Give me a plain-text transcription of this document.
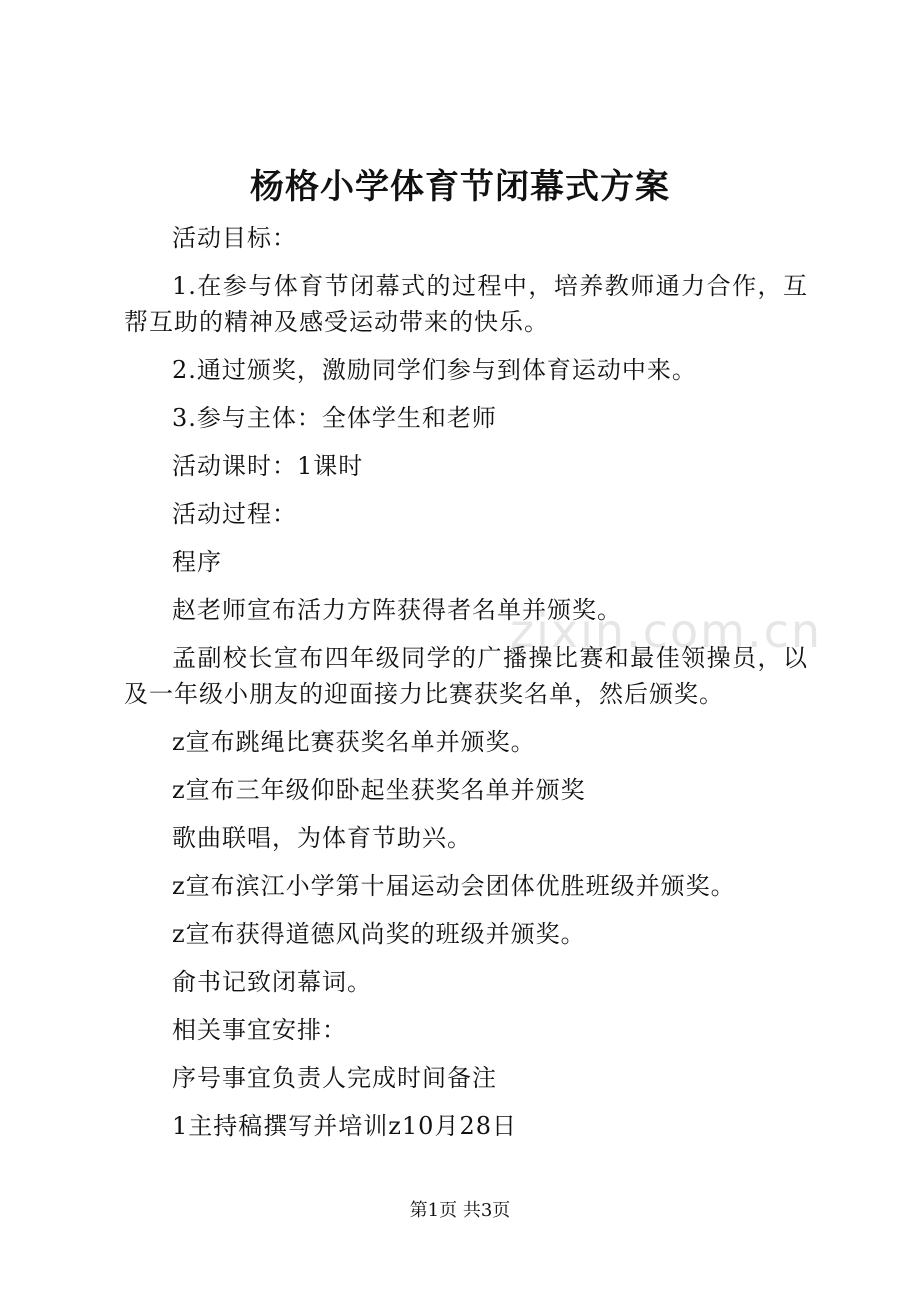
杨格小学体育节闭幕式方案
zixin.com.cn

活动目标：

1.在参与体育节闭幕式的过程中，培养教师通力合作，互帮互助的精神及感受运动带来的快乐。

2.通过颁奖，激励同学们参与到体育运动中来。

3.参与主体：全体学生和老师

活动课时：1课时

活动过程：

程序

赵老师宣布活力方阵获得者名单并颁奖。

孟副校长宣布四年级同学的广播操比赛和最佳领操员，以及一年级小朋友的迎面接力比赛获奖名单，然后颁奖。

z宣布跳绳比赛获奖名单并颁奖。

z宣布三年级仰卧起坐获奖名单并颁奖

歌曲联唱，为体育节助兴。

z宣布滨江小学第十届运动会团体优胜班级并颁奖。

z宣布获得道德风尚奖的班级并颁奖。

俞书记致闭幕词。

相关事宜安排：

序号事宜负责人完成时间备注

1主持稿撰写并培训z10月28日

第1页 共3页
